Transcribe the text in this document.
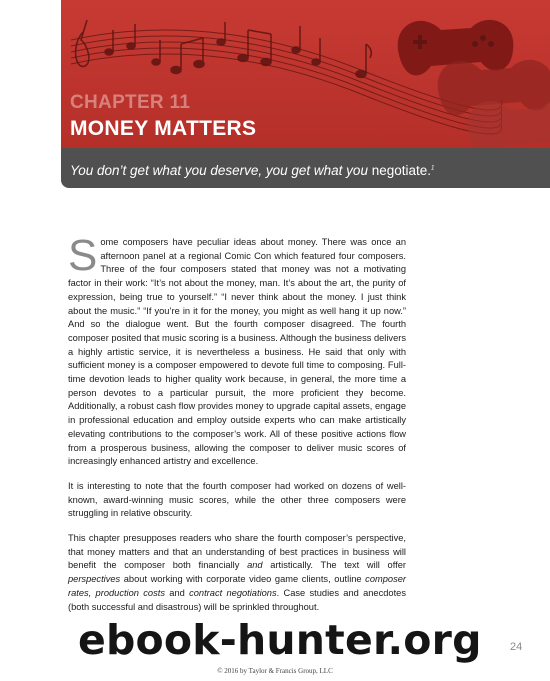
CHAPTER 11
MONEY MATTERS
You don’t get what you deserve, you get what you negotiate.$^1$

Some composers have peculiar ideas about money. There was once an afternoon panel at a regional Comic Con which featured four composers. Three of the four composers stated that money was not a motivating factor in their work: “It’s not about the money, man. It’s about the art, the purity of expression, being true to yourself.” “I never think about the money. I just think about the music.” “If you’re in it for the money, you might as well hang it up now.” And so the dialogue went. But the fourth composer disagreed. The fourth composer posited that music scoring is a business. Although the business delivers a highly artistic service, it is nevertheless a business. He said that only with sufficient money is a composer empowered to devote full time to composing. Full-time devotion leads to higher quality work because, in general, the more time a person devotes to a particular pursuit, the more proficient they become. Additionally, a robust cash flow provides money to upgrade capital assets, engage in professional education and employ outside experts who can make artistically elevating contributions to the composer’s work. All of these positive actions flow from a prosperous business, allowing the composer to deliver music scores of increasingly enhanced artistry and excellence.

It is interesting to note that the fourth composer had worked on dozens of well-known, award-winning music scores, while the other three composers were struggling in relative obscurity.

This chapter presupposes readers who share the fourth composer’s perspective, that money matters and that an understanding of best practices in business will benefit the composer both financially and artistically. The text will offer perspectives about working with corporate video game clients, outline composer rates, production costs and contract negotiations. Case studies and anecdotes (both successful and disastrous) will be sprinkled throughout.

ebook-hunter.org	24
© 2016 by Taylor & Francis Group, LLC
